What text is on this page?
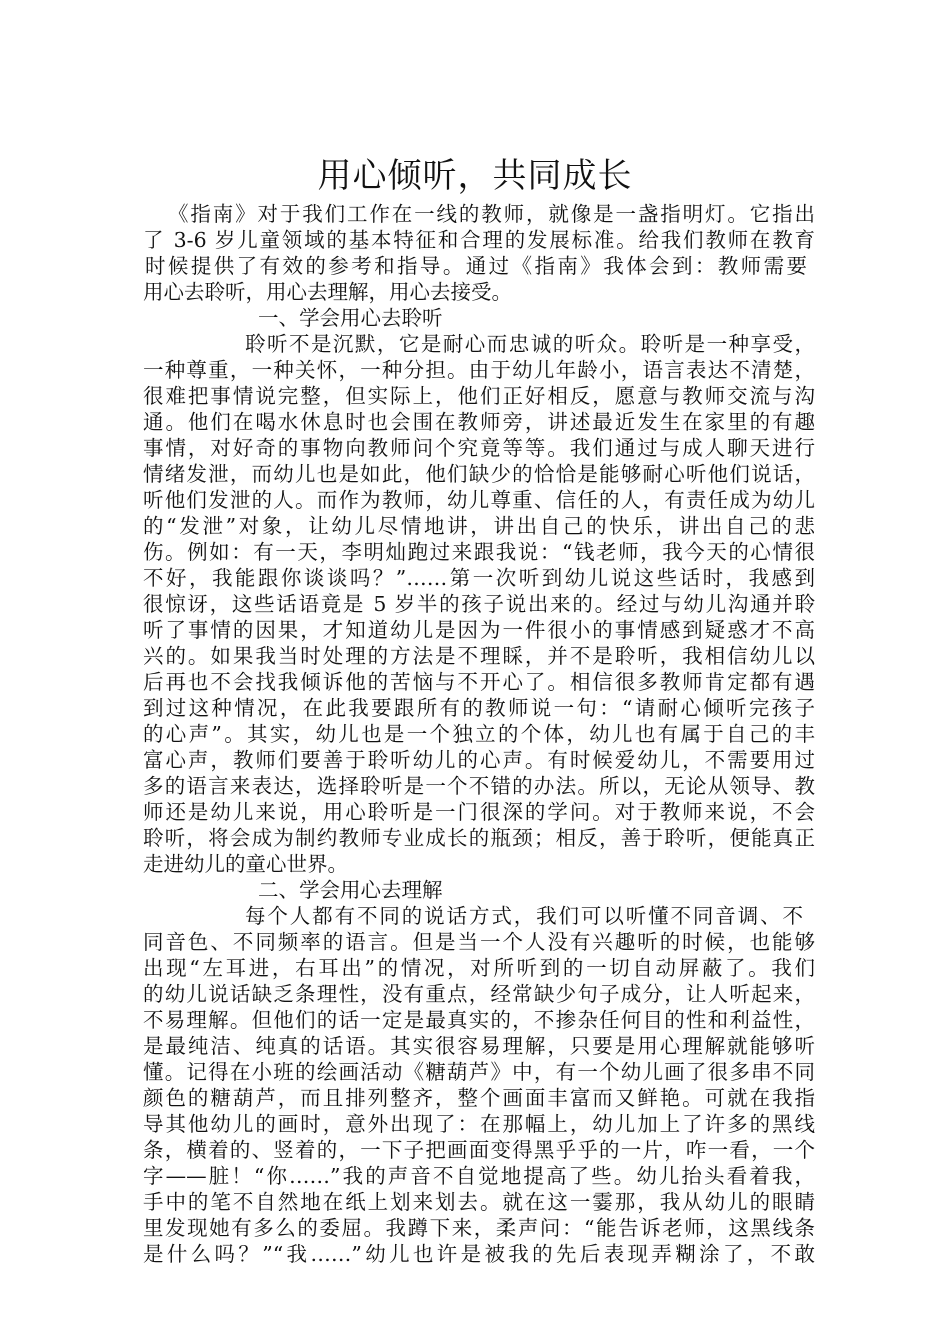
用心倾听，共同成长
《指南》对于我们工作在一线的教师，就像是一盏指明灯。它指出
了 3-6 岁儿童领域的基本特征和合理的发展标准。给我们教师在教育
时候提供了有效的参考和指导。通过《指南》我体会到：教师需要
用心去聆听，用心去理解，用心去接受。
一、学会用心去聆听
聆听不是沉默，它是耐心而忠诚的听众。聆听是一种享受，
一种尊重，一种关怀，一种分担。由于幼儿年龄小，语言表达不清楚，
很难把事情说完整，但实际上，他们正好相反，愿意与教师交流与沟
通。他们在喝水休息时也会围在教师旁，讲述最近发生在家里的有趣
事情，对好奇的事物向教师问个究竟等等。我们通过与成人聊天进行
情绪发泄，而幼儿也是如此，他们缺少的恰恰是能够耐心听他们说话，
听他们发泄的人。而作为教师，幼儿尊重、信任的人，有责任成为幼儿
的“发泄”对象，让幼儿尽情地讲，讲出自己的快乐，讲出自己的悲
伤。例如：有一天，李明灿跑过来跟我说：“钱老师，我今天的心情很
不好，我能跟你谈谈吗？”……第一次听到幼儿说这些话时，我感到
很惊讶，这些话语竟是 5 岁半的孩子说出来的。经过与幼儿沟通并聆
听了事情的因果，才知道幼儿是因为一件很小的事情感到疑惑才不高
兴的。如果我当时处理的方法是不理睬，并不是聆听，我相信幼儿以
后再也不会找我倾诉他的苦恼与不开心了。相信很多教师肯定都有遇
到过这种情况，在此我要跟所有的教师说一句：“请耐心倾听完孩子
的心声”。其实，幼儿也是一个独立的个体，幼儿也有属于自己的丰
富心声，教师们要善于聆听幼儿的心声。有时候爱幼儿，不需要用过
多的语言来表达，选择聆听是一个不错的办法。所以，无论从领导、教
师还是幼儿来说，用心聆听是一门很深的学问。对于教师来说，不会
聆听，将会成为制约教师专业成长的瓶颈；相反，善于聆听，便能真正
走进幼儿的童心世界。
二、学会用心去理解
每个人都有不同的说话方式，我们可以听懂不同音调、不
同音色、不同频率的语言。但是当一个人没有兴趣听的时候，也能够
出现“左耳进，右耳出”的情况，对所听到的一切自动屏蔽了。我们
的幼儿说话缺乏条理性，没有重点，经常缺少句子成分，让人听起来，
不易理解。但他们的话一定是最真实的，不掺杂任何目的性和利益性，
是最纯洁、纯真的话语。其实很容易理解，只要是用心理解就能够听
懂。记得在小班的绘画活动《糖葫芦》中，有一个幼儿画了很多串不同
颜色的糖葫芦，而且排列整齐，整个画面丰富而又鲜艳。可就在我指
导其他幼儿的画时，意外出现了：在那幅上，幼儿加上了许多的黑线
条，横着的、竖着的，一下子把画面变得黑乎乎的一片，咋一看，一个
字——脏！“你……”我的声音不自觉地提高了些。幼儿抬头看着我，
手中的笔不自然地在纸上划来划去。就在这一霎那，我从幼儿的眼睛
里发现她有多么的委屈。我蹲下来，柔声问：“能告诉老师，这黑线条
是什么吗？”“我……”幼儿也许是被我的先后表现弄糊涂了，不敢
